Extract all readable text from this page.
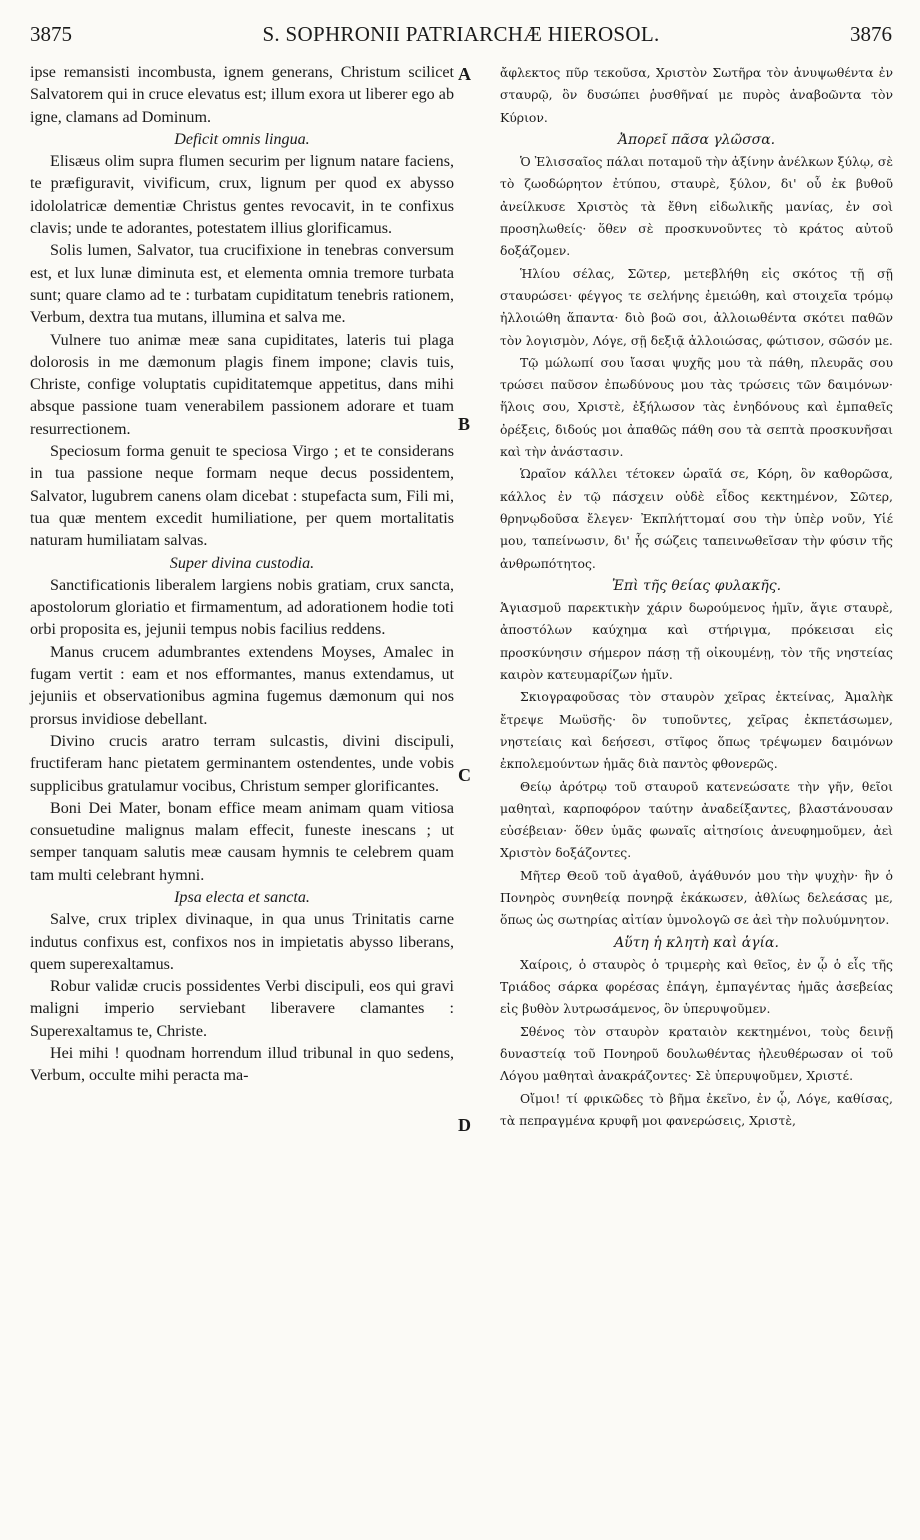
3875	S. SOPHRONII PATRIARCHÆ HIEROSOL.	3876

ipse remansisti incombusta, ignem generans, Christum scilicet Salvatorem qui in cruce elevatus est; illum exora ut liberer ego ab igne, clamans ad Dominum.

Deficit omnis lingua.

Elisæus olim supra flumen securim per lignum natare faciens, te præfiguravit, vivificum, crux, lignum per quod ex abysso idololatricæ dementiæ Christus gentes revocavit, in te confixus clavis; unde te adorantes, potestatem illius glorificamus.

Solis lumen, Salvator, tua crucifixione in tenebras conversum est, et lux lunæ diminuta est, et elementa omnia tremore turbata sunt; quare clamo ad te : turbatam cupiditatum tenebris rationem, Verbum, dextra tua mutans, illumina et salva me.

Vulnere tuo animæ meæ sana cupiditates, lateris tui plaga dolorosis in me dæmonum plagis finem impone; clavis tuis, Christe, confige voluptatis cupiditatemque appetitus, dans mihi absque passione tuam venerabilem passionem adorare et tuam resurrectionem.

Speciosum forma genuit te speciosa Virgo ; et te considerans in tua passione neque formam neque decus possidentem, Salvator, lugubrem canens olam dicebat : stupefacta sum, Fili mi, tua quæ mentem excedit humiliatione, per quem mortalitatis naturam humiliatam salvas.

Super divina custodia.

Sanctificationis liberalem largiens nobis gratiam, crux sancta, apostolorum gloriatio et firmamentum, ad adorationem hodie toti orbi proposita es, jejunii tempus nobis facilius reddens.

Manus crucem adumbrantes extendens Moyses, Amalec in fugam vertit : eam et nos efformantes, manus extendamus, ut jejuniis et observationibus agmina fugemus dæmonum qui nos prorsus invidiose debellant.

Divino crucis aratro terram sulcastis, divini discipuli, fructiferam hanc pietatem germinantem ostendentes, unde vobis supplicibus gratulamur vocibus, Christum semper glorificantes.

Boni Dei Mater, bonam effice meam animam quam vitiosa consuetudine malignus malam effecit, funeste inescans ; ut semper tanquam salutis meæ causam hymnis te celebrem quam tam multi celebrant hymni.

Ipsa electa et sancta.

Salve, crux triplex divinaque, in qua unus Trinitatis carne indutus confixus est, confixos nos in impietatis abysso liberans, quem superexaltamus.

Robur validæ crucis possidentes Verbi discipuli, eos qui gravi maligni imperio serviebant liberavere clamantes : Superexaltamus te, Christe.

Hei mihi ! quodnam horrendum illud tribunal in quo sedens, Verbum, occulte mihi peracta ma-

ἄφλεκτος πῦρ τεκοῦσα, Χριστὸν Σωτῆρα τὸν ἀνυψωθέντα ἐν σταυρῷ, ὃν δυσώπει ῥυσθῆναί με πυρὸς ἀναβοῶντα τὸν Κύριον.

Ἀπορεῖ πᾶσα γλῶσσα.

Ὁ Ἐλισσαῖος πάλαι ποταμοῦ τὴν ἀξίνην ἀνέλκων ξύλῳ, σὲ τὸ ζωοδώρητον ἐτύπου, σταυρὲ, ξύλον, δι' οὗ ἐκ βυθοῦ ἀνείλκυσε Χριστὸς τὰ ἔθνη εἰδωλικῆς μανίας, ἐν σοὶ προσηλωθείς· ὅθεν σὲ προσκυνοῦντες τὸ κράτος αὐτοῦ δοξάζομεν.

Ἡλίου σέλας, Σῶτερ, μετεβλήθη εἰς σκότος τῇ σῇ σταυρώσει· φέγγος τε σελήνης ἐμειώθη, καὶ στοιχεῖα τρόμῳ ἠλλοιώθη ἅπαντα· διὸ βοῶ σοι, ἀλλοιωθέντα σκότει παθῶν τὸν λογισμὸν, Λόγε, σῇ δεξιᾷ ἀλλοιώσας, φώτισον, σῶσόν με.

Τῷ μώλωπί σου ἴασαι ψυχῆς μου τὰ πάθη, πλευρᾶς σου τρώσει παῦσον ἐπωδύνους μου τὰς τρώσεις τῶν δαιμόνων· ἥλοις σου, Χριστὲ, ἐξήλωσον τὰς ἐνηδόνους καὶ ἐμπαθεῖς ὀρέξεις, διδούς μοι ἀπαθῶς πάθη σου τὰ σεπτὰ προσκυνῆσαι καὶ τὴν ἀνάστασιν.

Ὡραῖον κάλλει τέτοκεν ὡραῖά σε, Κόρη, ὃν καθορῶσα, κάλλος ἐν τῷ πάσχειν οὐδὲ εἶδος κεκτημένον, Σῶτερ, θρηνῳδοῦσα ἔλεγεν· Ἐκπλήττομαί σου τὴν ὑπὲρ νοῦν, Υἱέ μου, ταπείνωσιν, δι' ἧς σώζεις ταπεινωθεῖσαν τὴν φύσιν τῆς ἀνθρωπότητος.

Ἐπὶ τῆς θείας φυλακῆς.

Ἁγιασμοῦ παρεκτικὴν χάριν δωρούμενος ἡμῖν, ἅγιε σταυρὲ, ἀποστόλων καύχημα καὶ στήριγμα, πρόκεισαι εἰς προσκύνησιν σήμερον πάσῃ τῇ οἰκουμένῃ, τὸν τῆς νηστείας καιρὸν κατευμαρίζων ἡμῖν.

Σκιογραφοῦσας τὸν σταυρὸν χεῖρας ἐκτείνας, Ἀμαλὴκ ἔτρεψε Μωϋσῆς· ὃν τυποῦντες, χεῖρας ἐκπετάσωμεν, νηστείαις καὶ δεήσεσι, στῖφος ὅπως τρέψωμεν δαιμόνων ἐκπολεμούντων ἡμᾶς διὰ παντὸς φθονερῶς.

Θείῳ ἀρότρῳ τοῦ σταυροῦ κατενεώσατε τὴν γῆν, θεῖοι μαθηταὶ, καρποφόρον ταύτην ἀναδείξαντες, βλαστάνουσαν εὐσέβειαν· ὅθεν ὑμᾶς φωναῖς αἰτησίοις ἀνευφημοῦμεν, ἀεὶ Χριστὸν δοξάζοντες.

Μῆτερ Θεοῦ τοῦ ἀγαθοῦ, ἀγάθυνόν μου τὴν ψυχὴν· ἣν ὁ Πονηρὸς συνηθείᾳ πονηρᾷ ἐκάκωσεν, ἀθλίως δελεάσας με, ὅπως ὡς σωτηρίας αἰτίαν ὑμνολογῶ σε ἀεὶ τὴν πολυύμνητον.

Αὕτη ἡ κλητὴ καὶ ἁγία.

Χαίροις, ὁ σταυρὸς ὁ τριμερὴς καὶ θεῖος, ἐν ᾧ ὁ εἷς τῆς Τριάδος σάρκα φορέσας ἐπάγη, ἐμπαγέντας ἡμᾶς ἀσεβείας εἰς βυθὸν λυτρωσάμενος, ὃν ὑπερυψοῦμεν.

Σθένος τὸν σταυρὸν κραταιὸν κεκτημένοι, τοὺς δεινῇ δυναστείᾳ τοῦ Πονηροῦ δουλωθέντας ἠλευθέρωσαν οἱ τοῦ Λόγου μαθηταὶ ἀνακράζοντες· Σὲ ὑπερυψοῦμεν, Χριστέ.

Οἴμοι! τί φρικῶδες τὸ βῆμα ἐκεῖνο, ἐν ᾧ, Λόγε, καθίσας, τὰ πεπραγμένα κρυφῆ μοι φανερώσεις, Χριστὲ,

A
B
C
D
